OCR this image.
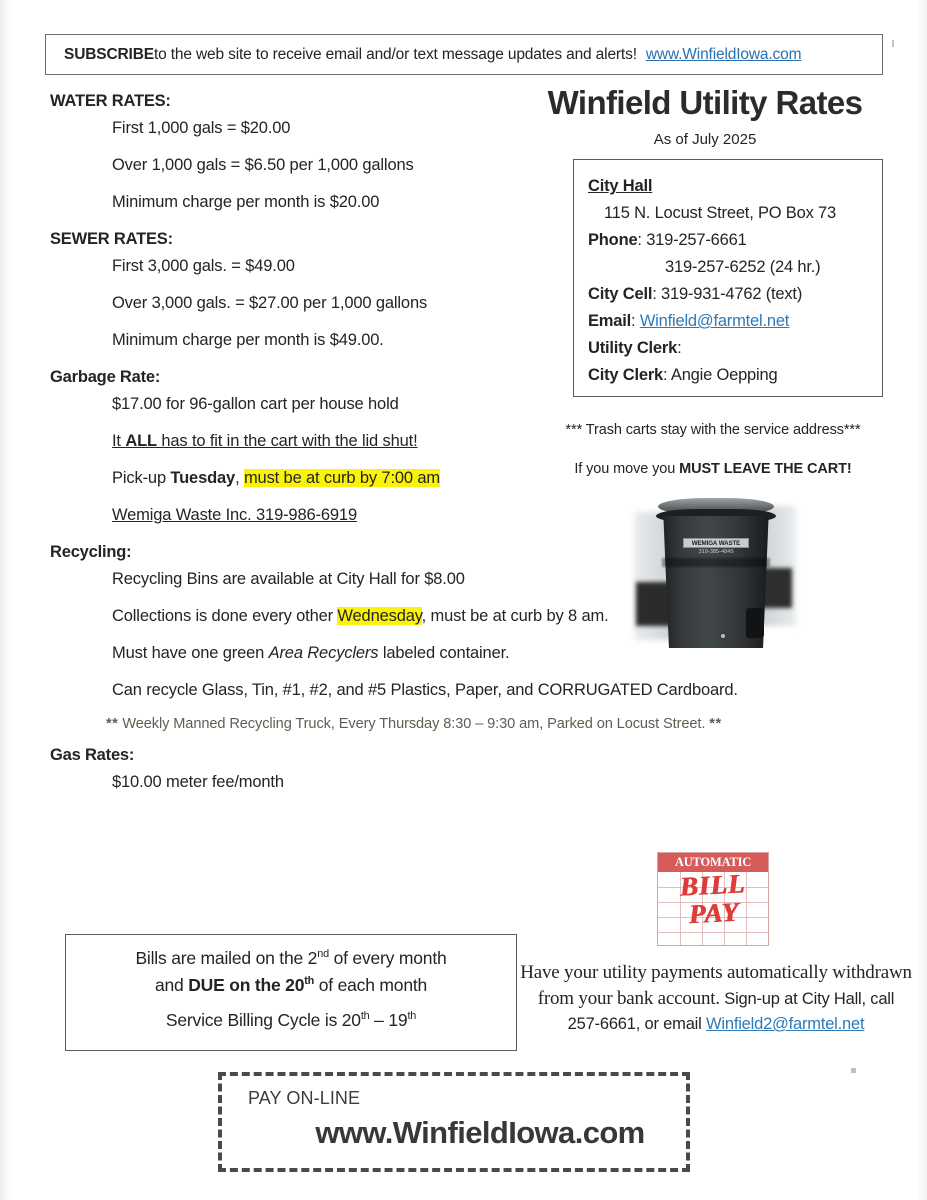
SUBSCRIBE to the web site to receive email and/or text message updates and alerts! www.WinfieldIowa.com
WATER RATES:
First 1,000 gals = $20.00
Over 1,000 gals = $6.50 per 1,000 gallons
Minimum charge per month is $20.00
SEWER RATES:
First 3,000 gals. = $49.00
Over 3,000 gals. = $27.00 per 1,000 gallons
Minimum charge per month is $49.00.
Garbage Rate:
$17.00 for 96-gallon cart per house hold
It ALL has to fit in the cart with the lid shut!
Pick-up Tuesday, must be at curb by 7:00 am
Wemiga Waste Inc. 319-986-6919
Recycling:
Recycling Bins are available at City Hall for $8.00
Collections is done every other Wednesday, must be at curb by 8 am.
Must have one green Area Recyclers labeled container.
Can recycle Glass, Tin, #1, #2, and #5 Plastics, Paper, and CORRUGATED Cardboard.
** Weekly Manned Recycling Truck, Every Thursday 8:30 – 9:30 am, Parked on Locust Street. **
Gas Rates:
$10.00 meter fee/month
Winfield Utility Rates
As of July 2025
City Hall
115 N. Locust Street, PO Box 73
Phone: 319-257-6661
319-257-6252 (24 hr.)
City Cell: 319-931-4762 (text)
Email: Winfield@farmtel.net
Utility Clerk:
City Clerk: Angie Oepping
*** Trash carts stay with the service address***
If you move you MUST LEAVE THE CART!
WEMIGA WASTE
319-385-4849
AUTOMATIC
BILL
PAY
Have your utility payments automatically withdrawn from your bank account. Sign-up at City Hall, call 257-6661, or email Winfield2@farmtel.net
Bills are mailed on the 2nd of every month
and DUE on the 20th of each month
Service Billing Cycle is 20th – 19th
PAY ON-LINE
www.WinfieldIowa.com
